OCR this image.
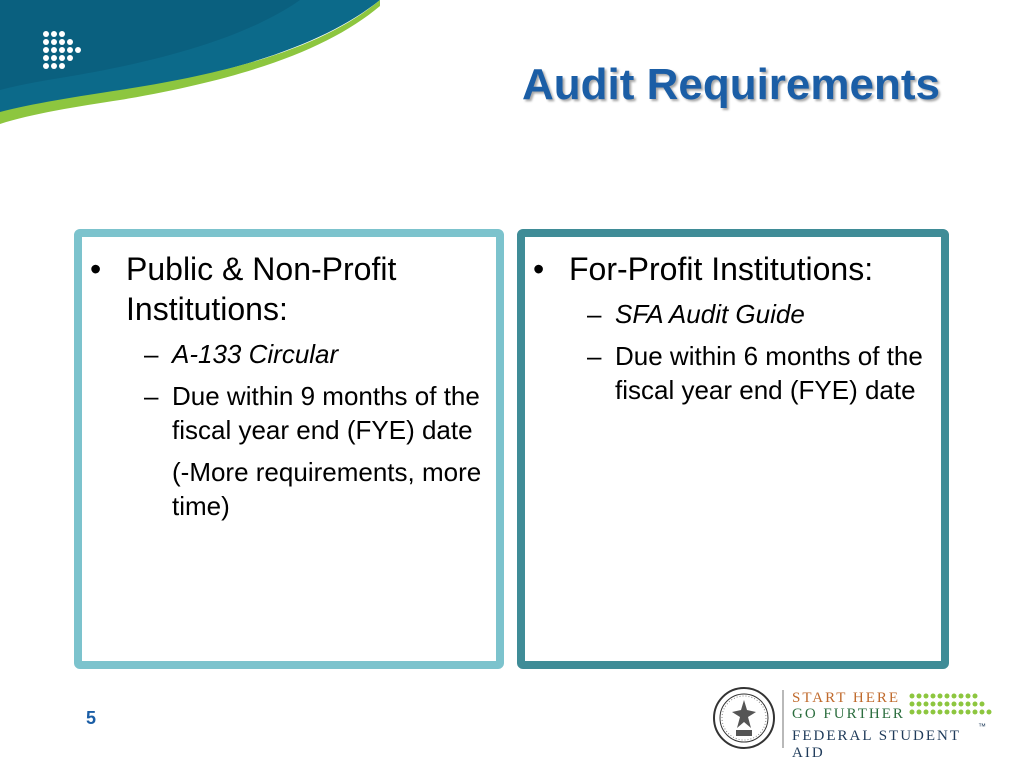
Audit Requirements
• Public & Non-Profit Institutions:
– A-133 Circular
– Due within 9 months of the fiscal year end (FYE) date
(-More requirements, more time)
• For-Profit Institutions:
– SFA Audit Guide
– Due within 6 months of the fiscal year end (FYE) date
5
START HERE
GO FURTHER
FEDERAL STUDENT AID
™
